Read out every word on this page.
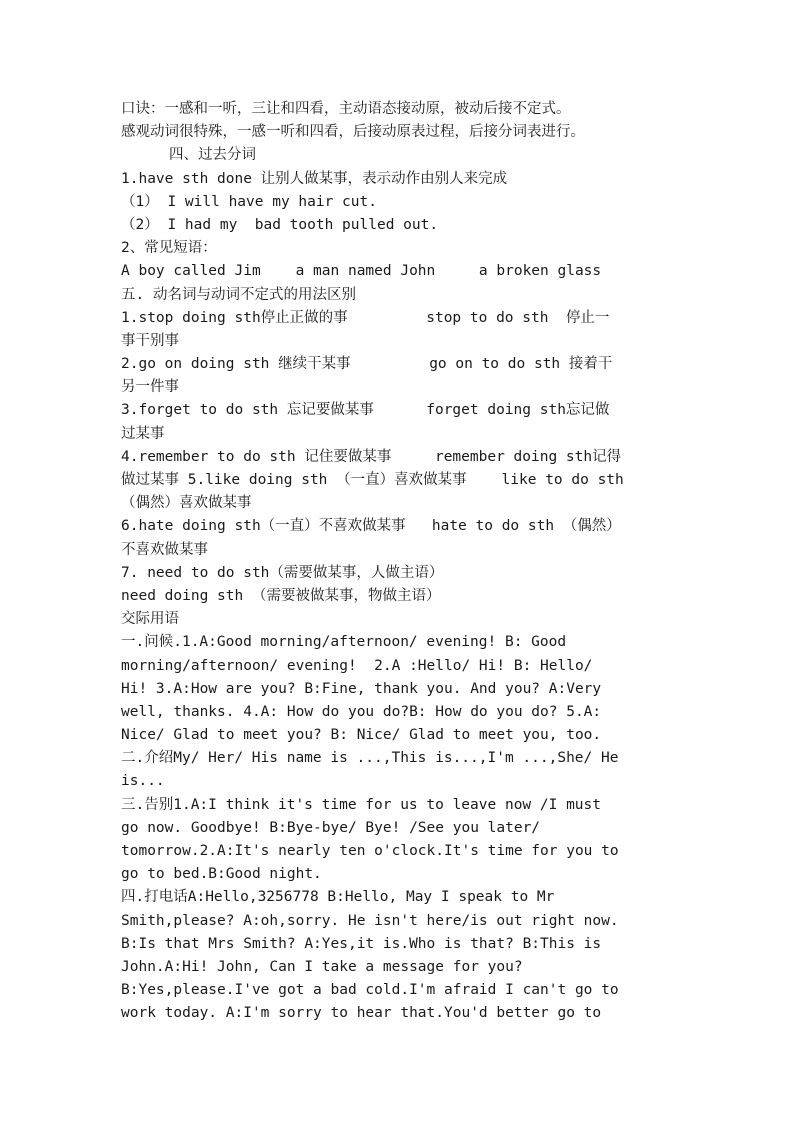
口诀：一感和一听，三让和四看，主动语态接动原，被动后接不定式。
感观动词很特殊，一感一听和四看，后接动原表过程，后接分词表进行。
四、过去分词
1.have sth done 让别人做某事，表示动作由别人来完成
（1） I will have my hair cut.
（2） I had my  bad tooth pulled out.
2、常见短语：
A boy called Jim    a man named John     a broken glass
五. 动名词与动词不定式的用法区别
1.stop doing sth停止正做的事         stop to do sth  停止一
事干别事
2.go on doing sth 继续干某事         go on to do sth 接着干
另一件事
3.forget to do sth 忘记要做某事      forget doing sth忘记做
过某事
4.remember to do sth 记住要做某事     remember doing sth记得
做过某事 5.like doing sth （一直）喜欢做某事    like to do sth
（偶然）喜欢做某事
6.hate doing sth（一直）不喜欢做某事   hate to do sth （偶然）
不喜欢做某事
7. need to do sth（需要做某事，人做主语）
need doing sth （需要被做某事，物做主语）
交际用语
一.问候.1.A:Good morning/afternoon/ evening! B: Good
morning/afternoon/ evening!  2.A :Hello/ Hi! B: Hello/
Hi! 3.A:How are you? B:Fine, thank you. And you? A:Very
well, thanks. 4.A: How do you do?B: How do you do? 5.A:
Nice/ Glad to meet you? B: Nice/ Glad to meet you, too.
二.介绍My/ Her/ His name is ...,This is...,I'm ...,She/ He
is...
三.告别1.A:I think it's time for us to leave now /I must
go now. Goodbye! B:Bye-bye/ Bye! /See you later/
tomorrow.2.A:It's nearly ten o'clock.It's time for you to
go to bed.B:Good night.
四.打电话A:Hello,3256778 B:Hello, May I speak to Mr
Smith,please? A:oh,sorry. He isn't here/is out right now.
B:Is that Mrs Smith? A:Yes,it is.Who is that? B:This is
John.A:Hi! John, Can I take a message for you?
B:Yes,please.I've got a bad cold.I'm afraid I can't go to
work today. A:I'm sorry to hear that.You'd better go to
